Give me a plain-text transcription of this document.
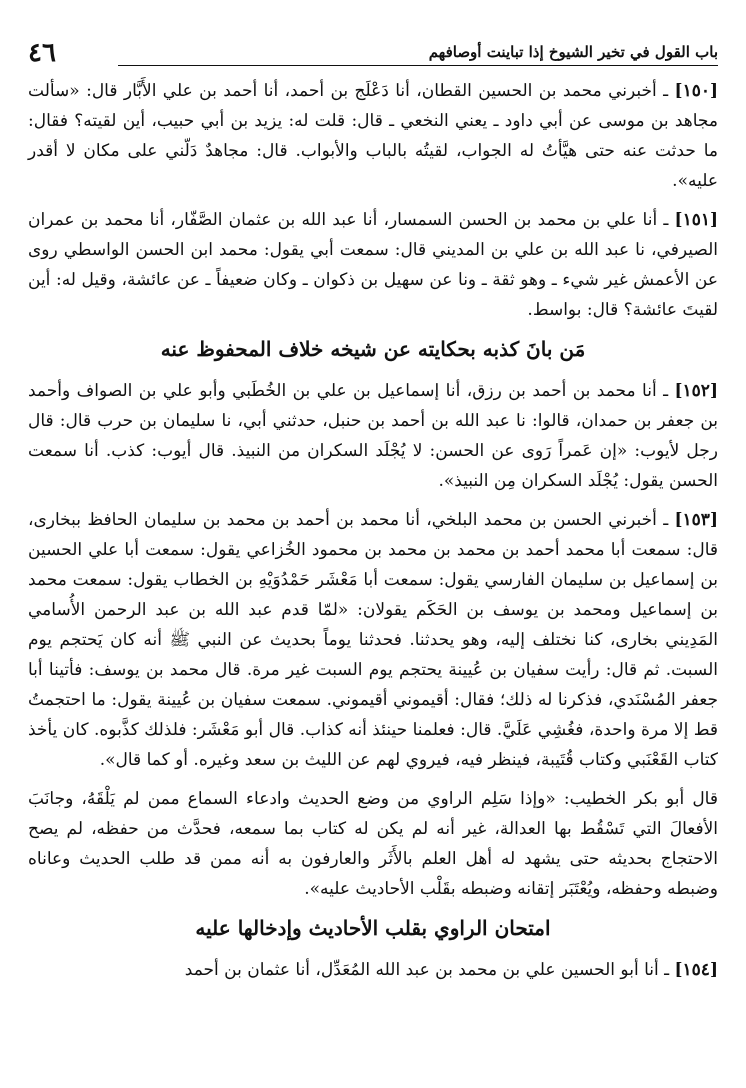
٤٦	باب القول في تخير الشيوخ إذا تباينت أوصافهم

[١٥٠] ـ أخبرني محمد بن الحسين القطان، أنا دَعْلَج بن أحمد، أنا أحمد بن علي الأَبَّار قال: «سألت مجاهد بن موسى عن أبي داود ـ يعني النخعي ـ قال: قلت له: يزيد بن أبي حبيب، أين لقيته؟ فقال: ما حدثت عنه حتى هيَّأتُ له الجواب، لقيتُه بالباب والأبواب. قال: مجاهدٌ دَلّني على مكان لا أقدر عليه».

[١٥١] ـ أنا علي بن محمد بن الحسن السمسار، أنا عبد الله بن عثمان الصَّفّار، أنا محمد بن عمران الصيرفي، نا عبد الله بن علي بن المديني قال: سمعت أبي يقول: محمد ابن الحسن الواسطي روى عن الأعمش غير شيء ـ وهو ثقة ـ ونا عن سهيل بن ذكوان ـ وكان ضعيفاً ـ عن عائشة، وقيل له: أين لقيتَ عائشة؟ قال: بواسط.

مَن بانَ كذبه بحكايته عن شيخه خلاف المحفوظ عنه

[١٥٢] ـ أنا محمد بن أحمد بن رزق، أنا إسماعيل بن علي بن الخُطَبي وأبو علي بن الصواف وأحمد بن جعفر بن حمدان، قالوا: نا عبد الله بن أحمد بن حنبل، حدثني أبي، نا سليمان بن حرب قال: قال رجل لأيوب: «إن عَمراً رَوى عن الحسن: لا يُجْلَد السكران من النبيذ. قال أيوب: كذب. أنا سمعت الحسن يقول: يُجْلَد السكران مِن النبيذ».

[١٥٣] ـ أخبرني الحسن بن محمد البلخي، أنا محمد بن أحمد بن محمد بن سليمان الحافظ ببخارى، قال: سمعت أبا محمد أحمد بن محمد بن محمد بن محمود الخُزاعي يقول: سمعت أبا علي الحسين بن إسماعيل بن سليمان الفارسي يقول: سمعت أبا مَعْشَر حَمْدُوَيْهِ بن الخطاب يقول: سمعت محمد بن إسماعيل ومحمد بن يوسف بن الحَكَم يقولان: «لمّا قدم عبد الله بن عبد الرحمن الأُسامي المَدِيني بخارى، كنا نختلف إليه، وهو يحدثنا. فحدثنا يوماً بحديث عن النبي ﷺ أنه كان يَحتجم يوم السبت. ثم قال: رأيت سفيان بن عُيينة يحتجم يوم السبت غير مرة. قال محمد بن يوسف: فأتينا أبا جعفر المُسْنَدي، فذكرنا له ذلك؛ فقال: أقيموني أقيموني. سمعت سفيان بن عُيينة يقول: ما احتجمتُ قط إلا مرة واحدة، فغُشِي عَلَيَّ. قال: فعلمنا حينئذ أنه كذاب. قال أبو مَعْشَر: فلذلك كذَّبوه. كان يأخذ كتاب القَعْنَبي وكتاب قُتَيبة، فينظر فيه، فيروي لهم عن الليث بن سعد وغيره. أو كما قال».

قال أبو بكر الخطيب: «وإذا سَلِم الراوي من وضع الحديث وادعاء السماع ممن لم يَلْقَهُ، وجانَبَ الأفعالَ التي تَسْقُط بها العدالة، غير أنه لم يكن له كتاب بما سمعه، فحدَّث من حفظه، لم يصح الاحتجاج بحديثه حتى يشهد له أهل العلم بالأَثَر والعارفون به أنه ممن قد طلب الحديث وعاناه وضبطه وحفظه، ويُعْتَبَر إتقانه وضبطه بقَلْب الأحاديث عليه».

امتحان الراوي بقلب الأحاديث وإدخالها عليه

[١٥٤] ـ أنا أبو الحسين علي بن محمد بن عبد الله المُعَدِّل، أنا عثمان بن أحمد
